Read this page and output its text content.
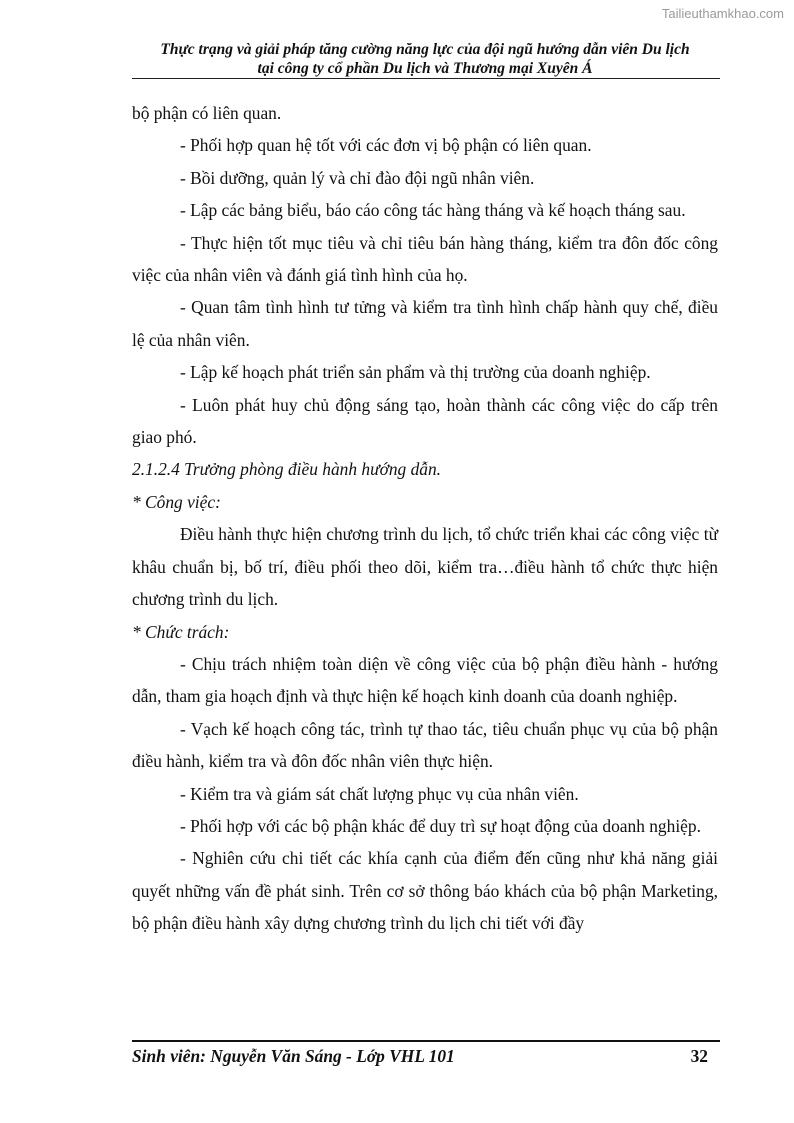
Tailieuthamkhao.com
Thực trạng và giải pháp tăng cường năng lực của đội ngũ hướng dẫn viên Du lịch
tại công ty cổ phần Du lịch và Thương mại Xuyên Á

bộ phận có liên quan.

- Phối hợp quan hệ tốt với các đơn vị bộ phận có liên quan.

- Bồi dưỡng, quản lý và chỉ đào đội ngũ nhân viên.

- Lập các bảng biểu, báo cáo công tác hàng tháng và kế hoạch tháng sau.

- Thực hiện tốt mục tiêu và chỉ tiêu bán hàng tháng, kiểm tra đôn đốc công việc của nhân viên và đánh giá tình hình của họ.

- Quan tâm tình hình tư tửng và kiểm tra tình hình chấp hành quy chế, điều lệ của nhân viên.

- Lập kế hoạch phát triển sản phẩm và thị trường của doanh nghiệp.

- Luôn phát huy chủ động sáng tạo, hoàn thành các công việc do cấp trên giao phó.

2.1.2.4 Trưởng phòng điều hành hướng dẫn.

* Công việc:

Điều hành thực hiện chương trình du lịch, tổ chức triển khai các công việc từ khâu chuẩn bị, bố trí, điều phối theo dõi, kiểm tra…điều hành tổ chức thực hiện chương trình du lịch.

* Chức trách:

- Chịu trách nhiệm toàn diện về công việc của bộ phận điều hành - hướng dẫn, tham gia hoạch định và thực hiện kế hoạch kinh doanh của doanh nghiệp.

- Vạch kế hoạch công tác, trình tự thao tác, tiêu chuẩn phục vụ của bộ phận điều hành, kiểm tra và đôn đốc nhân viên thực hiện.

- Kiểm tra và giám sát chất lượng phục vụ của nhân viên.

- Phối hợp với các bộ phận khác để duy trì sự hoạt động của doanh nghiệp.

- Nghiên cứu chi tiết các khía cạnh của điểm đến cũng như khả năng giải quyết những vấn đề phát sinh. Trên cơ sở thông báo khách của bộ phận Marketing, bộ phận điều hành xây dựng chương trình du lịch chi tiết với đầy

Sinh viên: Nguyễn Văn Sáng - Lớp VHL 101	32
